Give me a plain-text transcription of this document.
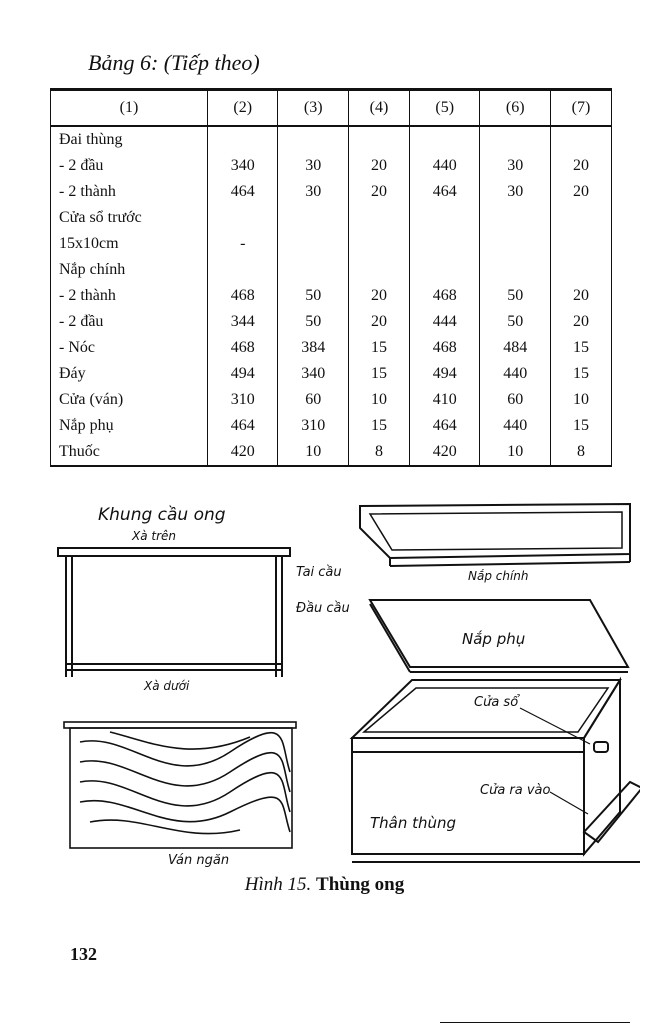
Bảng 6: (Tiếp theo)
(1)	(2)	(3)	(4)	(5)	(6)	(7)
Đai thùng						
- 2 đầu	340	30	20	440	30	20
- 2 thành	464	30	20	464	30	20
Cửa sổ trước						
15x10cm	-					
Nắp chính						
- 2 thành	468	50	20	468	50	20
- 2 đầu	344	50	20	444	50	20
- Nóc	468	384	15	468	484	15
Đáy	494	340	15	494	440	15
Cửa (ván)	310	60	10	410	60	10
Nắp phụ	464	310	15	464	440	15
Thuốc	420	10	8	420	10	8
Khung cầu ong
Xà trên
Tai cầu
Đầu cầu
Xà dưới
Ván ngăn
Nắp chính
Nắp phụ
Cửa sổ
Cửa ra vào
Thân thùng
Hình 15. Thùng ong
132
